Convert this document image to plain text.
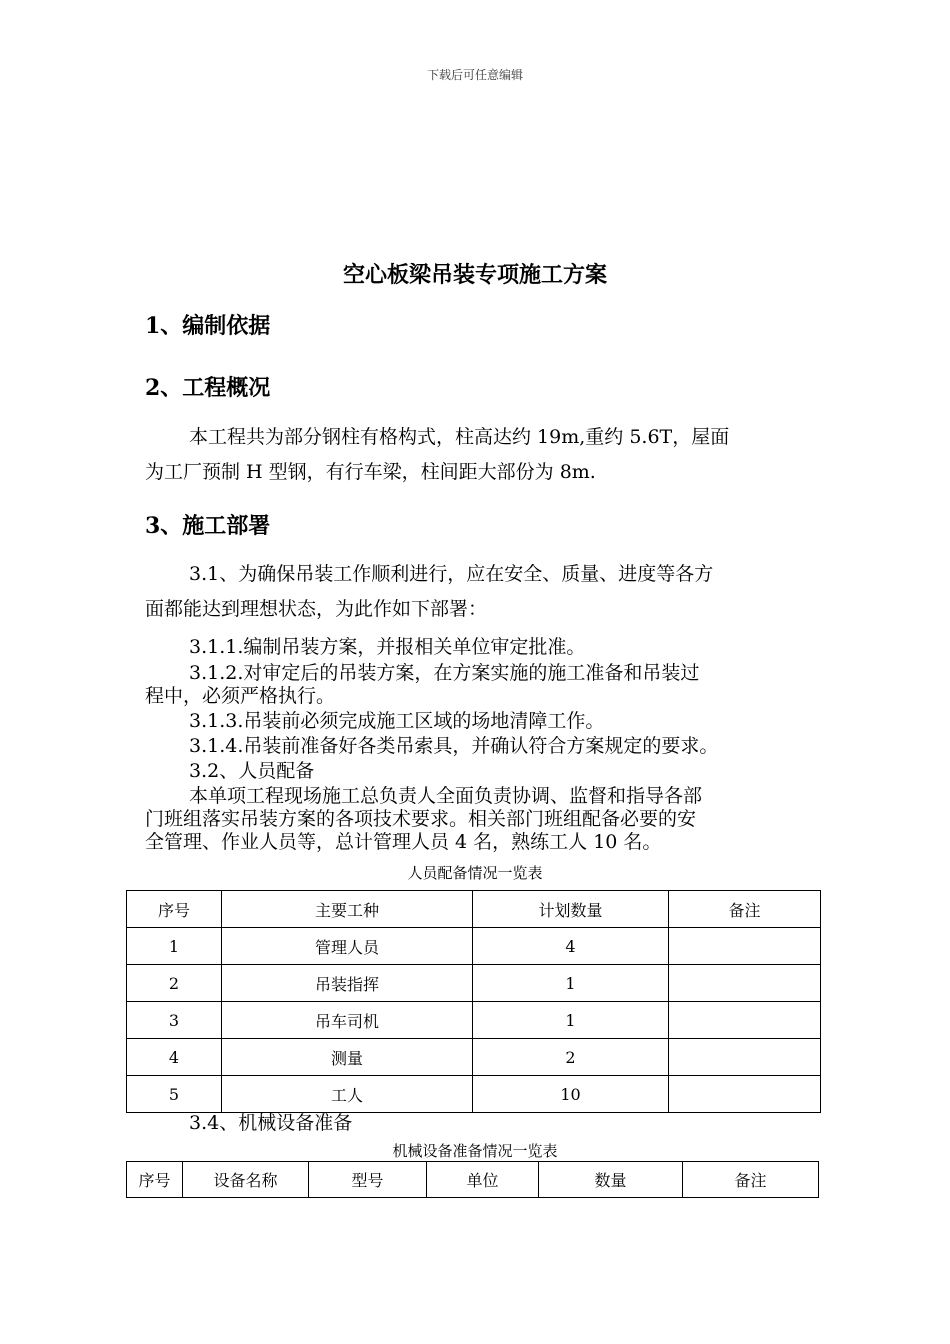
下载后可任意编辑
空心板梁吊装专项施工方案
1、编制依据
2、工程概况
本工程共为部分钢柱有格构式，柱高达约 19m,重约 5.6T，屋面
为工厂预制 H 型钢，有行车梁，柱间距大部份为 8m.
3、施工部署
3.1、为确保吊装工作顺利进行，应在安全、质量、进度等各方
面都能达到理想状态，为此作如下部署：
3.1.1.编制吊装方案，并报相关单位审定批准。
3.1.2.对审定后的吊装方案，在方案实施的施工准备和吊装过
程中，必须严格执行。
3.1.3.吊装前必须完成施工区域的场地清障工作。
3.1.4.吊装前准备好各类吊索具，并确认符合方案规定的要求。
3.2、人员配备
本单项工程现场施工总负责人全面负责协调、监督和指导各部
门班组落实吊装方案的各项技术要求。相关部门班组配备必要的安
全管理、作业人员等，总计管理人员 4 名，熟练工人 10 名。
人员配备情况一览表
序号	主要工种	计划数量	备注
1	管理人员	4	
2	吊装指挥	1	
3	吊车司机	1	
4	测量	2	
5	工人	10	
3.4、机械设备准备
机械设备准备情况一览表
序号	设备名称	型号	单位	数量	备注
